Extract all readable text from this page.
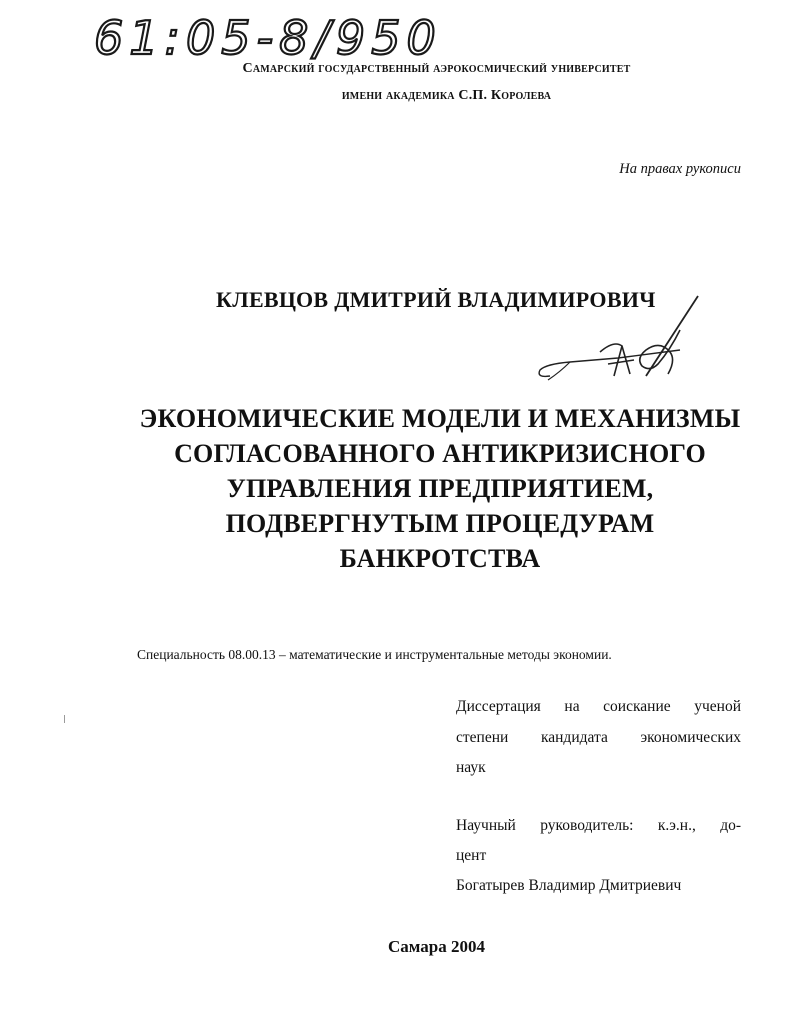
61:05-8/950
Самарский государственный аэрокосмический университет
имени академика С.П. Королева
На правах рукописи
КЛЕВЦОВ ДМИТРИЙ ВЛАДИМИРОВИЧ
ЭКОНОМИЧЕСКИЕ МОДЕЛИ И МЕХАНИЗМЫ
СОГЛАСОВАННОГО АНТИКРИЗИСНОГО
УПРАВЛЕНИЯ ПРЕДПРИЯТИЕМ,
ПОДВЕРГНУТЫМ ПРОЦЕДУРАМ
БАНКРОТСТВА
Специальность 08.00.13 – математические и инструментальные методы экономии.
Диссертация на соискание ученой
степени кандидата экономических
наук
Научный руководитель: к.э.н., до-
цент
Богатырев Владимир Дмитриевич
Самара 2004
